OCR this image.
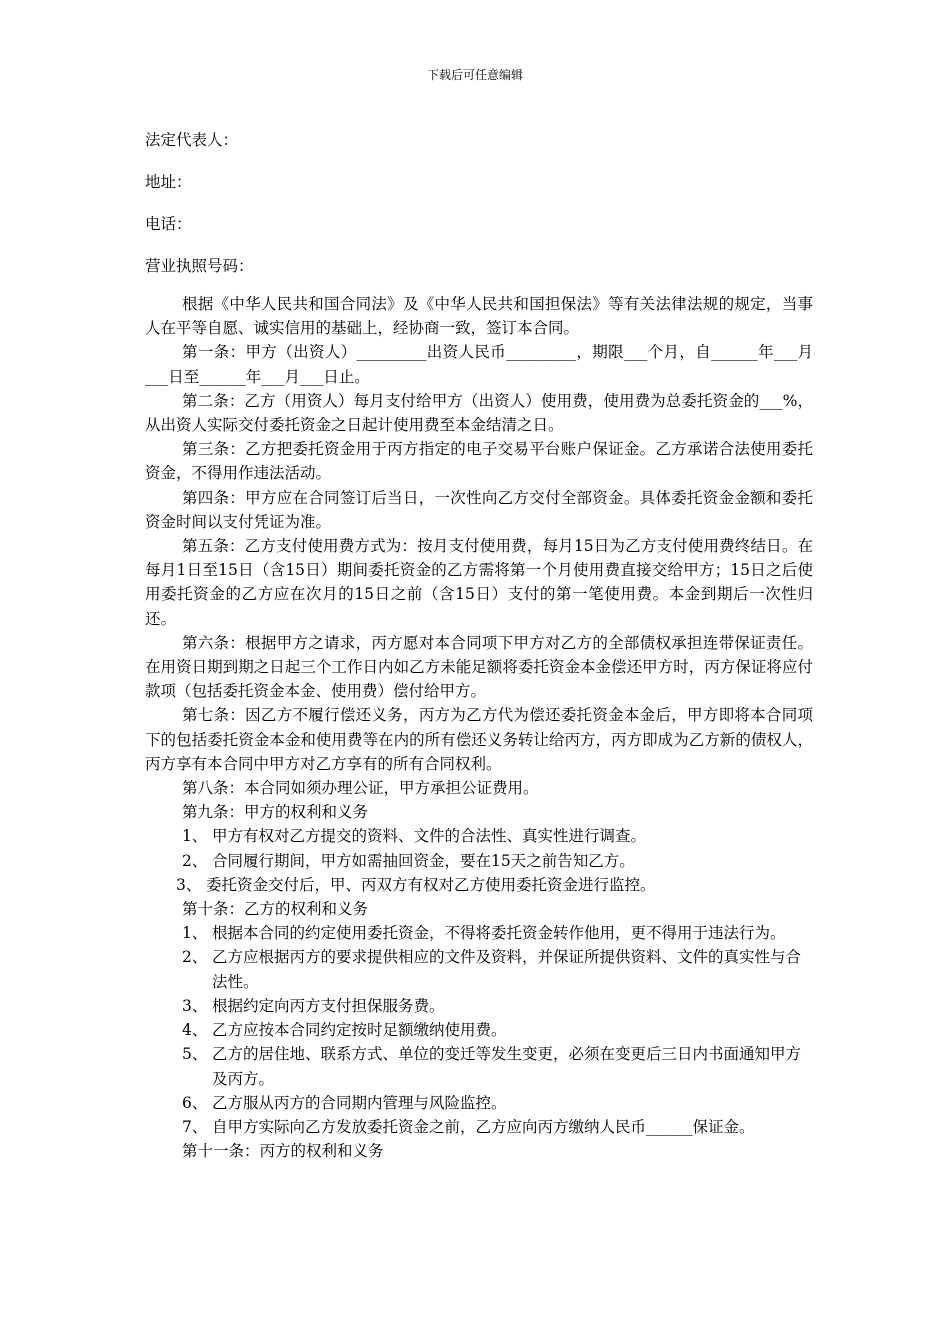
下载后可任意编辑
法定代表人：
地址：
电话：
营业执照号码：

根据《中华人民共和国合同法》及《中华人民共和国担保法》等有关法律法规的规定，当事人在平等自愿、诚实信用的基础上，经协商一致，签订本合同。

第一条：甲方（出资人）_________出资人民币_________，期限___个月，自______年___月___日至______年___月___日止。

第二条：乙方（用资人）每月支付给甲方（出资人）使用费，使用费为总委托资金的___%，从出资人实际交付委托资金之日起计使用费至本金结清之日。

第三条：乙方把委托资金用于丙方指定的电子交易平台账户保证金。乙方承诺合法使用委托资金，不得用作违法活动。

第四条：甲方应在合同签订后当日，一次性向乙方交付全部资金。具体委托资金金额和委托资金时间以支付凭证为准。

第五条：乙方支付使用费方式为：按月支付使用费，每月15日为乙方支付使用费终结日。在每月1日至15日（含15日）期间委托资金的乙方需将第一个月使用费直接交给甲方；15日之后使用委托资金的乙方应在次月的15日之前（含15日）支付的第一笔使用费。本金到期后一次性归还。

第六条：根据甲方之请求，丙方愿对本合同项下甲方对乙方的全部债权承担连带保证责任。在用资日期到期之日起三个工作日内如乙方未能足额将委托资金本金偿还甲方时，丙方保证将应付款项（包括委托资金本金、使用费）偿付给甲方。

第七条：因乙方不履行偿还义务，丙方为乙方代为偿还委托资金本金后，甲方即将本合同项下的包括委托资金本金和使用费等在内的所有偿还义务转让给丙方，丙方即成为乙方新的债权人，丙方享有本合同中甲方对乙方享有的所有合同权利。

第八条：本合同如须办理公证，甲方承担公证费用。

第九条：甲方的权利和义务

1、 甲方有权对乙方提交的资料、文件的合法性、真实性进行调查。
2、 合同履行期间，甲方如需抽回资金，要在15天之前告知乙方。
3、 委托资金交付后，甲、丙双方有权对乙方使用委托资金进行监控。

第十条：乙方的权利和义务

1、 根据本合同的约定使用委托资金，不得将委托资金转作他用，更不得用于违法行为。
2、 乙方应根据丙方的要求提供相应的文件及资料，并保证所提供资料、文件的真实性与合法性。
3、 根据约定向丙方支付担保服务费。
4、 乙方应按本合同约定按时足额缴纳使用费。
5、 乙方的居住地、联系方式、单位的变迁等发生变更，必须在变更后三日内书面通知甲方及丙方。
6、 乙方服从丙方的合同期内管理与风险监控。
7、 自甲方实际向乙方发放委托资金之前，乙方应向丙方缴纳人民币______保证金。

第十一条：丙方的权利和义务
